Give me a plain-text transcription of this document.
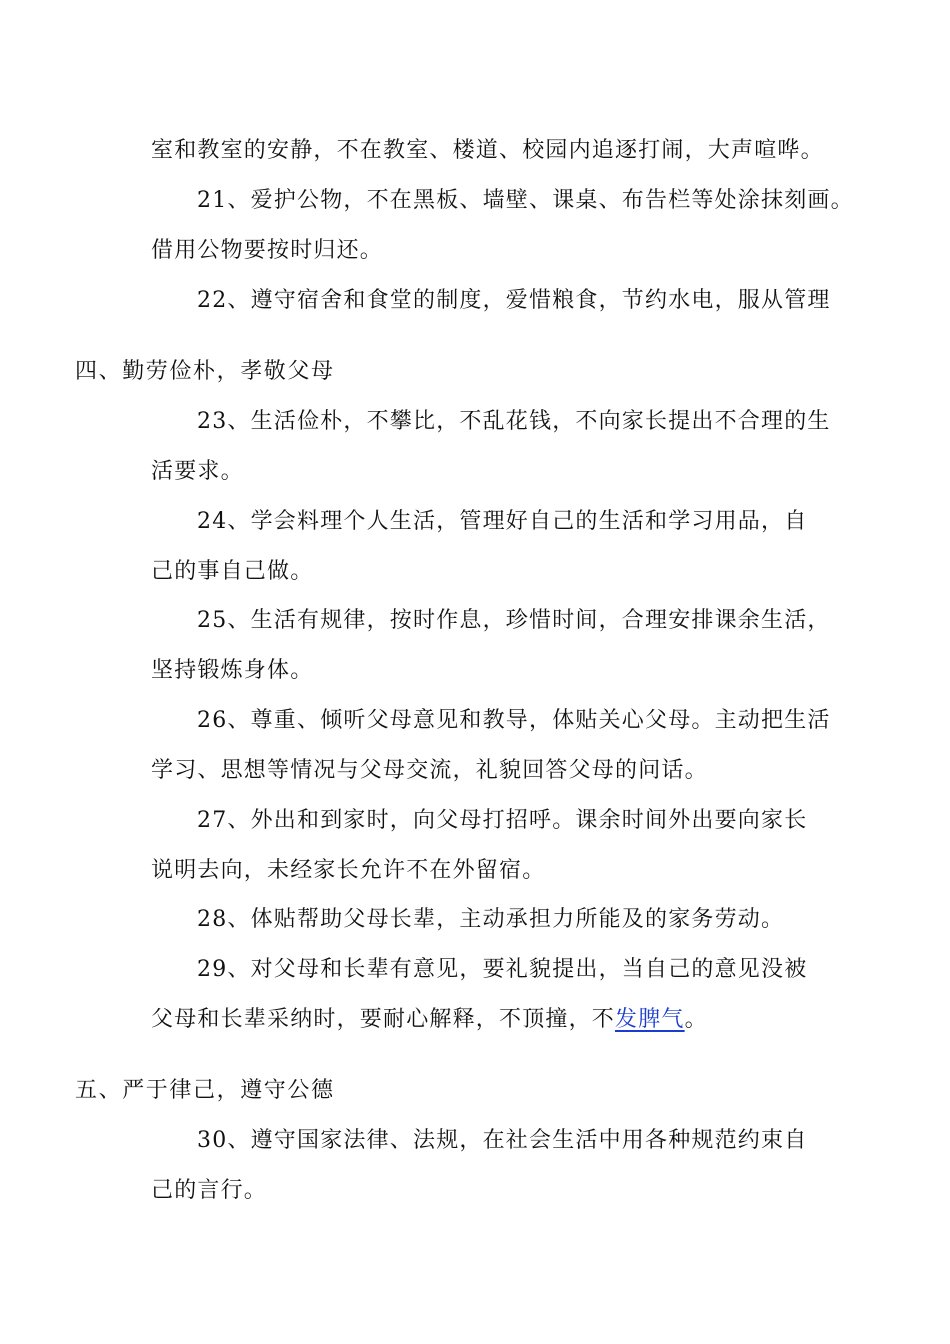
室和教室的安静，不在教室、楼道、校园内追逐打闹，大声喧哗。
21、爱护公物，不在黑板、墙壁、课桌、布告栏等处涂抹刻画。
借用公物要按时归还。
22、遵守宿舍和食堂的制度，爱惜粮食，节约水电，服从管理
四、勤劳俭朴，孝敬父母
23、生活俭朴，不攀比，不乱花钱，不向家长提出不合理的生
活要求。
24、学会料理个人生活，管理好自己的生活和学习用品，自
己的事自己做。
25、生活有规律，按时作息，珍惜时间，合理安排课余生活，
坚持锻炼身体。
26、尊重、倾听父母意见和教导，体贴关心父母。主动把生活
学习、思想等情况与父母交流，礼貌回答父母的问话。
27、外出和到家时，向父母打招呼。课余时间外出要向家长
说明去向，未经家长允许不在外留宿。
28、体贴帮助父母长辈，主动承担力所能及的家务劳动。
29、对父母和长辈有意见，要礼貌提出，当自己的意见没被
父母和长辈采纳时，要耐心解释，不顶撞，不发脾气。
五、严于律己，遵守公德
30、遵守国家法律、法规，在社会生活中用各种规范约束自
己的言行。
